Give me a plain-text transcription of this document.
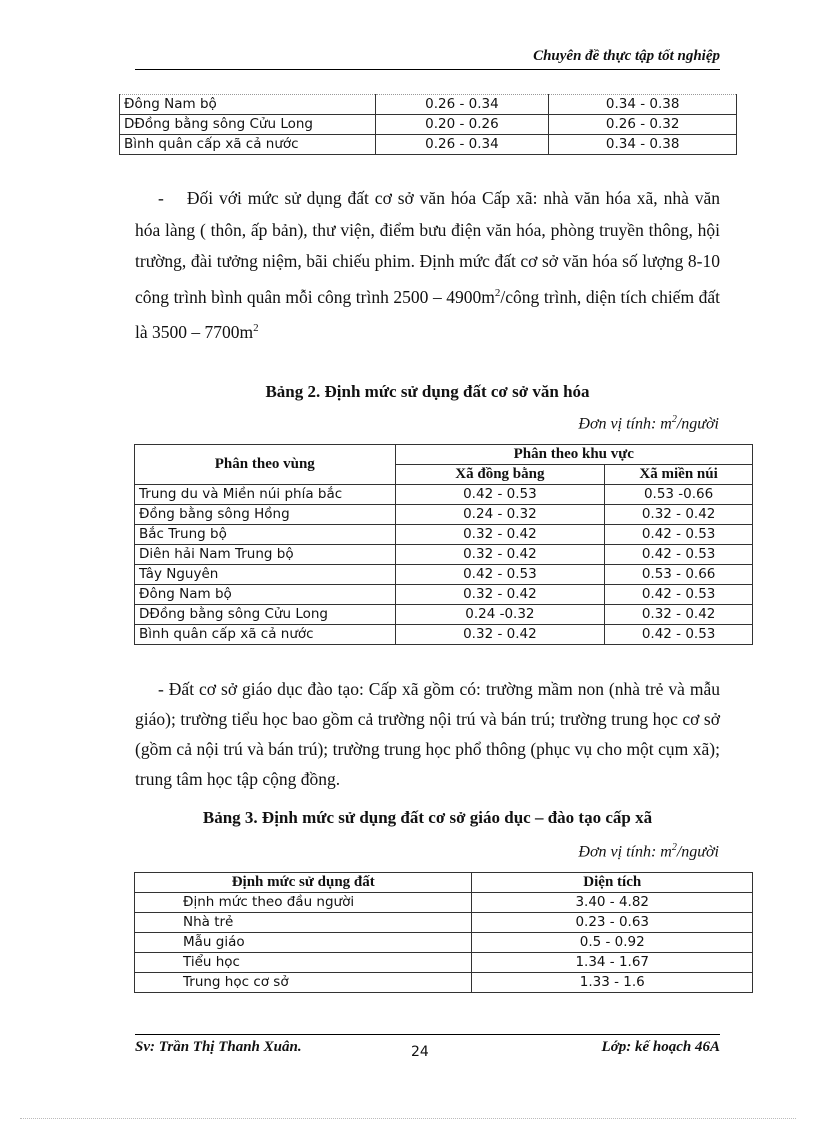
Chuyên đề thực tập tốt nghiệp
Đông Nam bộ	0.26 - 0.34	0.34 - 0.38
DĐồng bằng sông Cửu Long	0.20 - 0.26	0.26 - 0.32
Bình quân cấp xã cả nước	0.26 - 0.34	0.34 - 0.38
- Đối với mức sử dụng đất cơ sở văn hóa Cấp xã: nhà văn hóa xã, nhà văn hóa làng ( thôn, ấp bản), thư viện, điểm bưu điện văn hóa, phòng truyền thông, hội trường, đài tưởng niệm, bãi chiếu phim. Định mức đất cơ sở văn hóa số lượng 8-10 công trình bình quân mỗi công trình $2500 - 4900m^2$/công trình, diện tích chiếm đất là $3500 - 7700m^2$
Bảng 2. Định mức sử dụng đất cơ sở văn hóa
Đơn vị tính: $m^2$/người
Phân theo vùng	Phân theo khu vực	
	Xã đồng bằng	Xã miền núi
Trung du và Miền núi phía bắc	0.42 - 0.53	0.53 -0.66
Đồng bằng sông Hồng	0.24 - 0.32	0.32 - 0.42
Bắc Trung bộ	0.32 - 0.42	0.42 - 0.53
Diên hải Nam Trung bộ	0.32 - 0.42	0.42 - 0.53
Tây Nguyên	0.42 - 0.53	0.53 - 0.66
Đông Nam bộ	0.32 - 0.42	0.42 - 0.53
DĐồng bằng sông Cửu Long	0.24 -0.32	0.32 - 0.42
Bình quân cấp xã cả nước	0.32 - 0.42	0.42 - 0.53
- Đất cơ sở giáo dục đào tạo: Cấp xã gồm có: trường mầm non (nhà trẻ và mẫu giáo); trường tiểu học bao gồm cả trường nội trú và bán trú; trường trung học cơ sở (gồm cả nội trú và bán trú); trường trung học phổ thông (phục vụ cho một cụm xã); trung tâm học tập cộng đồng.
Bảng 3. Định mức sử dụng đất cơ sở giáo dục – đào tạo cấp xã
Đơn vị tính: $m^2$/người
Định mức sử dụng đất	Diện tích
Định mức theo đầu người	3.40 - 4.82
Nhà trẻ	0.23 - 0.63
Mẫu giáo	0.5 - 0.92
Tiểu học	1.34 - 1.67
Trung học cơ sở	1.33 - 1.6
Sv: Trần Thị Thanh Xuân.	24	Lớp: kế hoạch 46A
